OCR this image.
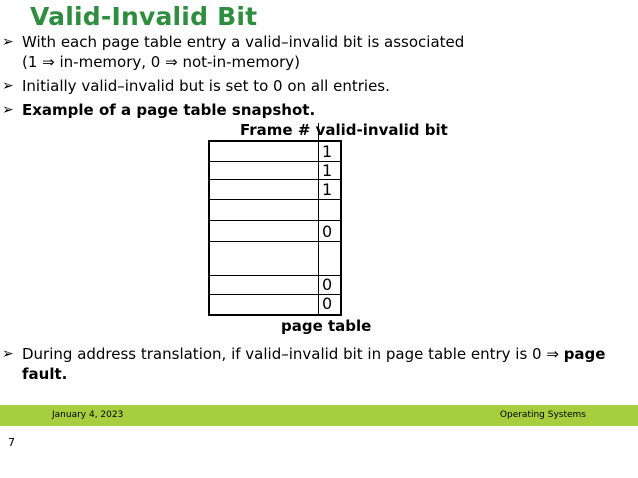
Valid-Invalid Bit
➢ With each page table entry a valid–invalid bit is associated
(1 ⇒ in-memory, 0 ⇒ not-in-memory)
➢ Initially valid–invalid but is set to 0 on all entries.
➢ Example of a page table snapshot.
Frame # valid-invalid bit
1
1
1
0
0
0
page table
➢ During address translation, if valid–invalid bit in page table entry is 0 ⇒ page fault.
January 4, 2023	Operating Systems
7
